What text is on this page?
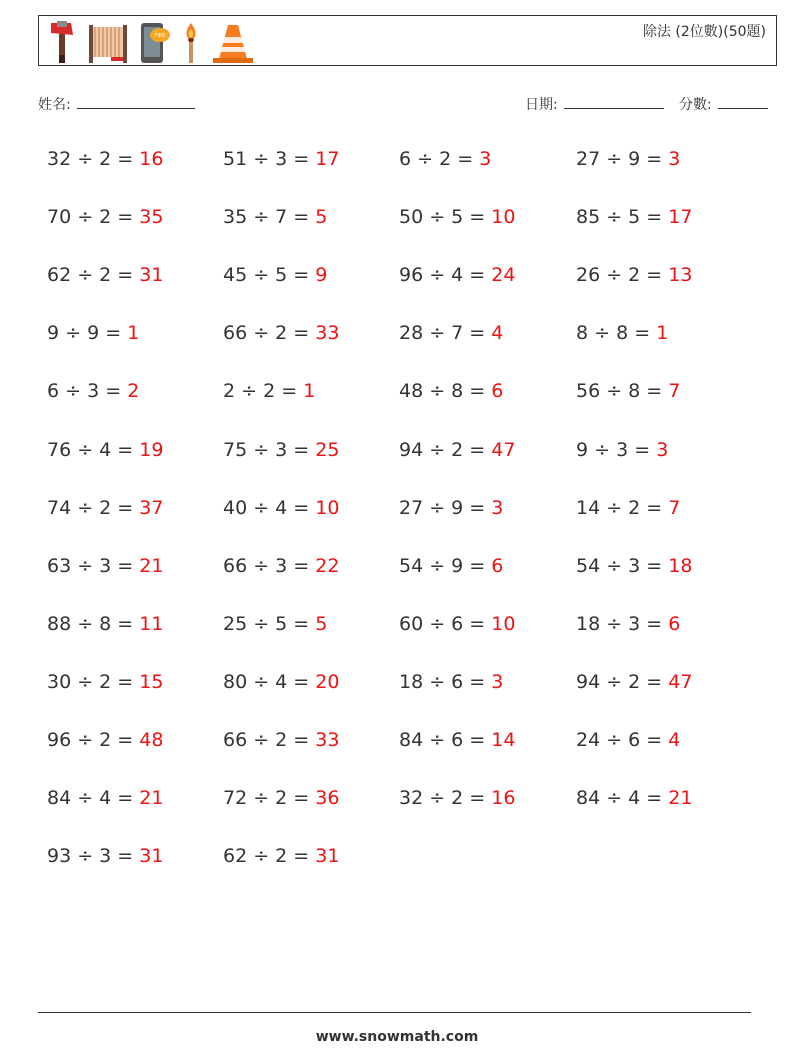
FIRE	除法 (2位數)(50題)
姓名:	日期:	分數:
32 ÷ 2 = 16	51 ÷ 3 = 17	6 ÷ 2 = 3	27 ÷ 9 = 3
70 ÷ 2 = 35	35 ÷ 7 = 5	50 ÷ 5 = 10	85 ÷ 5 = 17
62 ÷ 2 = 31	45 ÷ 5 = 9	96 ÷ 4 = 24	26 ÷ 2 = 13
9 ÷ 9 = 1	66 ÷ 2 = 33	28 ÷ 7 = 4	8 ÷ 8 = 1
6 ÷ 3 = 2	2 ÷ 2 = 1	48 ÷ 8 = 6	56 ÷ 8 = 7
76 ÷ 4 = 19	75 ÷ 3 = 25	94 ÷ 2 = 47	9 ÷ 3 = 3
74 ÷ 2 = 37	40 ÷ 4 = 10	27 ÷ 9 = 3	14 ÷ 2 = 7
63 ÷ 3 = 21	66 ÷ 3 = 22	54 ÷ 9 = 6	54 ÷ 3 = 18
88 ÷ 8 = 11	25 ÷ 5 = 5	60 ÷ 6 = 10	18 ÷ 3 = 6
30 ÷ 2 = 15	80 ÷ 4 = 20	18 ÷ 6 = 3	94 ÷ 2 = 47
96 ÷ 2 = 48	66 ÷ 2 = 33	84 ÷ 6 = 14	24 ÷ 6 = 4
84 ÷ 4 = 21	72 ÷ 2 = 36	32 ÷ 2 = 16	84 ÷ 4 = 21
93 ÷ 3 = 31	62 ÷ 2 = 31
www.snowmath.com
